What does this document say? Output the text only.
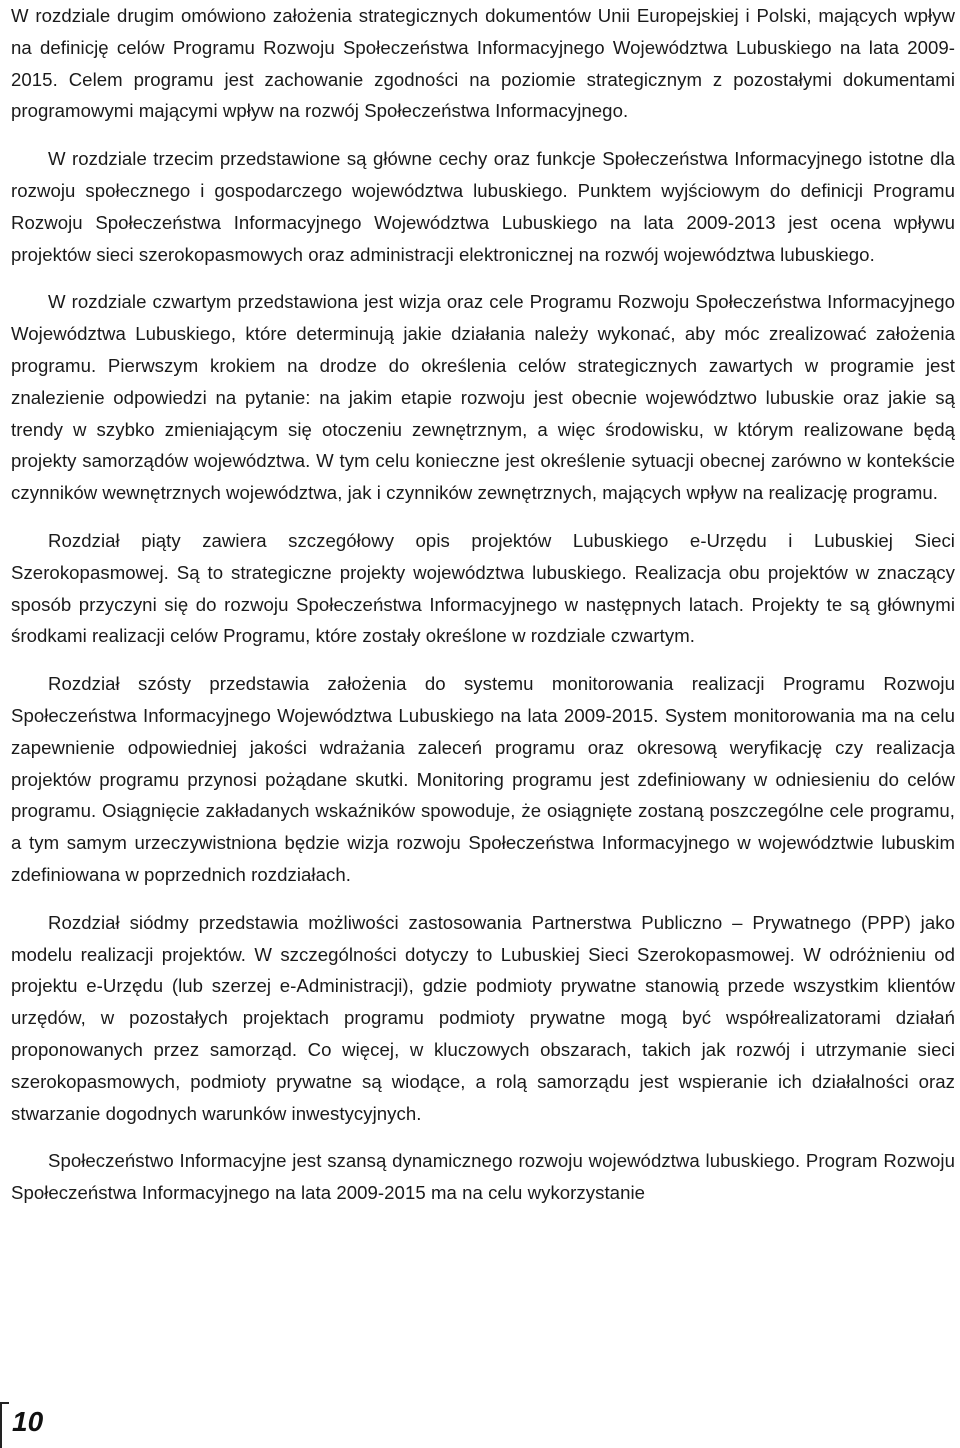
W rozdziale drugim omówiono założenia strategicznych dokumentów Unii Europejskiej i Polski, mających wpływ na definicję celów Programu Rozwoju Społeczeństwa Informacyjnego Województwa Lubuskiego na lata 2009-2015. Celem programu jest zachowanie zgodności na poziomie strategicznym z pozostałymi dokumentami programowymi mającymi wpływ na rozwój Społeczeństwa Informacyjnego.

W rozdziale trzecim przedstawione są główne cechy oraz funkcje Społeczeństwa Informacyjnego istotne dla rozwoju społecznego i gospodarczego województwa lubuskiego. Punktem wyjściowym do definicji Programu Rozwoju Społeczeństwa Informacyjnego Województwa Lubuskiego na lata 2009-2013 jest ocena wpływu projektów sieci szerokopasmowych oraz administracji elektronicznej na rozwój województwa lubuskiego.

W rozdziale czwartym przedstawiona jest wizja oraz cele Programu Rozwoju Społeczeństwa Informacyjnego Województwa Lubuskiego, które determinują jakie działania należy wykonać, aby móc zrealizować założenia programu. Pierwszym krokiem na drodze do określenia celów strategicznych zawartych w programie jest znalezienie odpowiedzi na pytanie: na jakim etapie rozwoju jest obecnie województwo lubuskie oraz jakie są trendy w szybko zmieniającym się otoczeniu zewnętrznym, a więc środowisku, w którym realizowane będą projekty samorządów województwa. W tym celu konieczne jest określenie sytuacji obecnej zarówno w kontekście czynników wewnętrznych województwa, jak i czynników zewnętrznych, mających wpływ na realizację programu.

Rozdział piąty zawiera szczegółowy opis projektów Lubuskiego e-Urzędu i Lubuskiej Sieci Szerokopasmowej. Są to strategiczne projekty województwa lubuskiego. Realizacja obu projektów w znaczący sposób przyczyni się do rozwoju Społeczeństwa Informacyjnego w następnych latach. Projekty te są głównymi środkami realizacji celów Programu, które zostały określone w rozdziale czwartym.

Rozdział szósty przedstawia założenia do systemu monitorowania realizacji Programu Rozwoju Społeczeństwa Informacyjnego Województwa Lubuskiego na lata 2009-2015. System monitorowania ma na celu zapewnienie odpowiedniej jakości wdrażania zaleceń programu oraz okresową weryfikację czy realizacja projektów programu przynosi pożądane skutki. Monitoring programu jest zdefiniowany w odniesieniu do celów programu. Osiągnięcie zakładanych wskaźników spowoduje, że osiągnięte zostaną poszczególne cele programu, a tym samym urzeczywistniona będzie wizja rozwoju Społeczeństwa Informacyjnego w województwie lubuskim zdefiniowana w poprzednich rozdziałach.

Rozdział siódmy przedstawia możliwości zastosowania Partnerstwa Publiczno – Prywatnego (PPP) jako modelu realizacji projektów. W szczególności dotyczy to Lubuskiej Sieci Szerokopasmowej. W odróżnieniu od projektu e-Urzędu (lub szerzej e-Administracji), gdzie podmioty prywatne stanowią przede wszystkim klientów urzędów, w pozostałych projektach programu podmioty prywatne mogą być współrealizatorami działań proponowanych przez samorząd. Co więcej, w kluczowych obszarach, takich jak rozwój i utrzymanie sieci szerokopasmowych, podmioty prywatne są wiodące, a rolą samorządu jest wspieranie ich działalności oraz stwarzanie dogodnych warunków inwestycyjnych.

Społeczeństwo Informacyjne jest szansą dynamicznego rozwoju województwa lubuskiego. Program Rozwoju Społeczeństwa Informacyjnego na lata 2009-2015 ma na celu wykorzystanie

10
